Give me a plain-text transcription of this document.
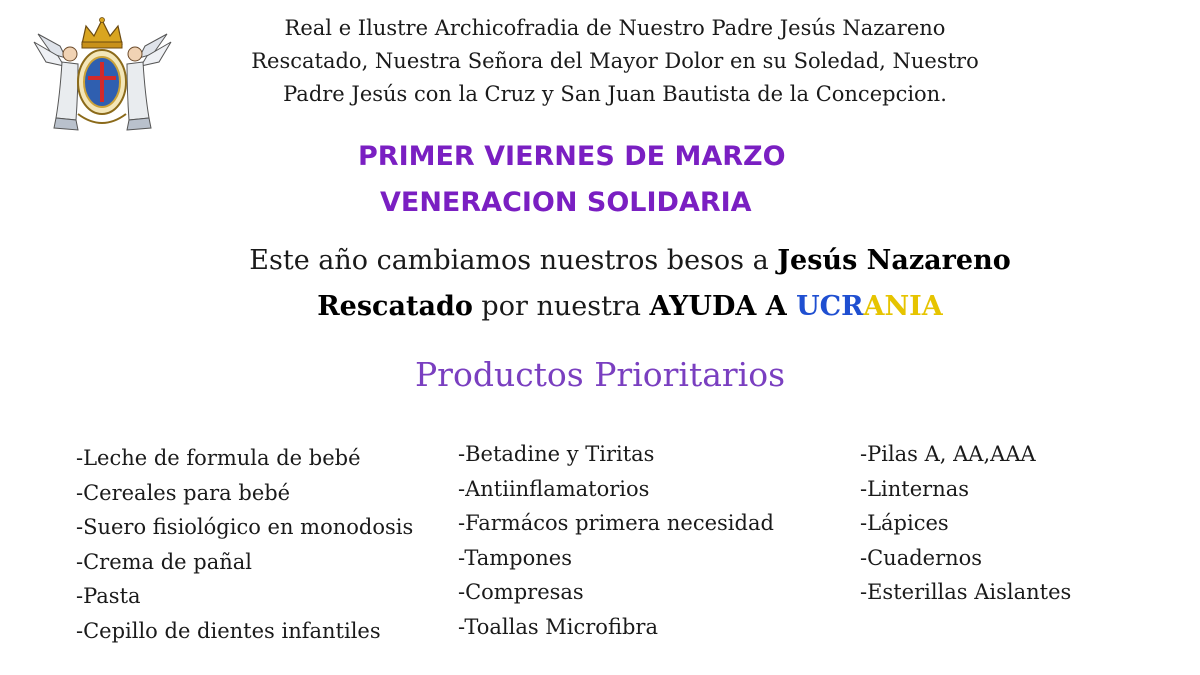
Real e Ilustre Archicofradia de Nuestro Padre Jesús Nazareno
Rescatado, Nuestra Señora del Mayor Dolor en su Soledad, Nuestro
Padre Jesús con la Cruz y San Juan Bautista de la Concepcion.
PRIMER VIERNES DE MARZO
VENERACION SOLIDARIA
Este año cambiamos nuestros besos a Jesús Nazareno
Rescatado por nuestra AYUDA A UCRANIA
Productos Prioritarios
-Leche de formula de bebé
-Cereales para bebé
-Suero fisiológico en monodosis
-Crema de pañal
-Pasta
-Cepillo de dientes infantiles
-Betadine y Tiritas
-Antiinflamatorios
-Farmácos primera necesidad
-Tampones
-Compresas
-Toallas Microfibra
-Pilas A, AA,AAA
-Linternas
-Lápices
-Cuadernos
-Esterillas Aislantes
